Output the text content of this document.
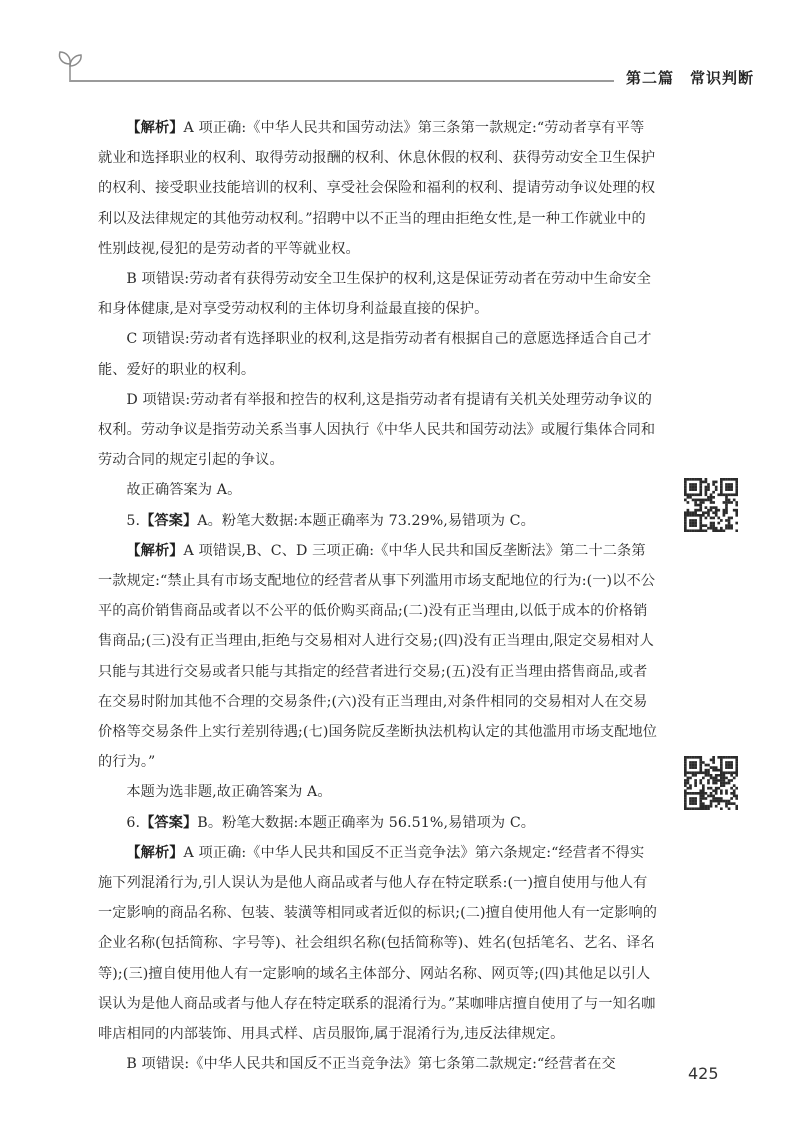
第二篇　常识判断

【解析】A 项正确:《中华人民共和国劳动法》第三条第一款规定:“劳动者享有平等就业和选择职业的权利、取得劳动报酬的权利、休息休假的权利、获得劳动安全卫生保护的权利、接受职业技能培训的权利、享受社会保险和福利的权利、提请劳动争议处理的权利以及法律规定的其他劳动权利。”招聘中以不正当的理由拒绝女性,是一种工作就业中的性别歧视,侵犯的是劳动者的平等就业权。

B 项错误:劳动者有获得劳动安全卫生保护的权利,这是保证劳动者在劳动中生命安全和身体健康,是对享受劳动权利的主体切身利益最直接的保护。

C 项错误:劳动者有选择职业的权利,这是指劳动者有根据自己的意愿选择适合自己才能、爱好的职业的权利。

D 项错误:劳动者有举报和控告的权利,这是指劳动者有提请有关机关处理劳动争议的权利。劳动争议是指劳动关系当事人因执行《中华人民共和国劳动法》或履行集体合同和劳动合同的规定引起的争议。

故正确答案为 A。

5.【答案】A。粉笔大数据:本题正确率为 73.29%,易错项为 C。

【解析】A 项错误,B、C、D 三项正确:《中华人民共和国反垄断法》第二十二条第一款规定:“禁止具有市场支配地位的经营者从事下列滥用市场支配地位的行为:(一)以不公平的高价销售商品或者以不公平的低价购买商品;(二)没有正当理由,以低于成本的价格销售商品;(三)没有正当理由,拒绝与交易相对人进行交易;(四)没有正当理由,限定交易相对人只能与其进行交易或者只能与其指定的经营者进行交易;(五)没有正当理由搭售商品,或者在交易时附加其他不合理的交易条件;(六)没有正当理由,对条件相同的交易相对人在交易价格等交易条件上实行差别待遇;(七)国务院反垄断执法机构认定的其他滥用市场支配地位的行为。”

本题为选非题,故正确答案为 A。

6.【答案】B。粉笔大数据:本题正确率为 56.51%,易错项为 C。

【解析】A 项正确:《中华人民共和国反不正当竞争法》第六条规定:“经营者不得实施下列混淆行为,引人误认为是他人商品或者与他人存在特定联系:(一)擅自使用与他人有一定影响的商品名称、包装、装潢等相同或者近似的标识;(二)擅自使用他人有一定影响的企业名称(包括简称、字号等)、社会组织名称(包括简称等)、姓名(包括笔名、艺名、译名等);(三)擅自使用他人有一定影响的域名主体部分、网站名称、网页等;(四)其他足以引人误认为是他人商品或者与他人存在特定联系的混淆行为。”某咖啡店擅自使用了与一知名咖啡店相同的内部装饰、用具式样、店员服饰,属于混淆行为,违反法律规定。

B 项错误:《中华人民共和国反不正当竞争法》第七条第二款规定:“经营者在交	425
